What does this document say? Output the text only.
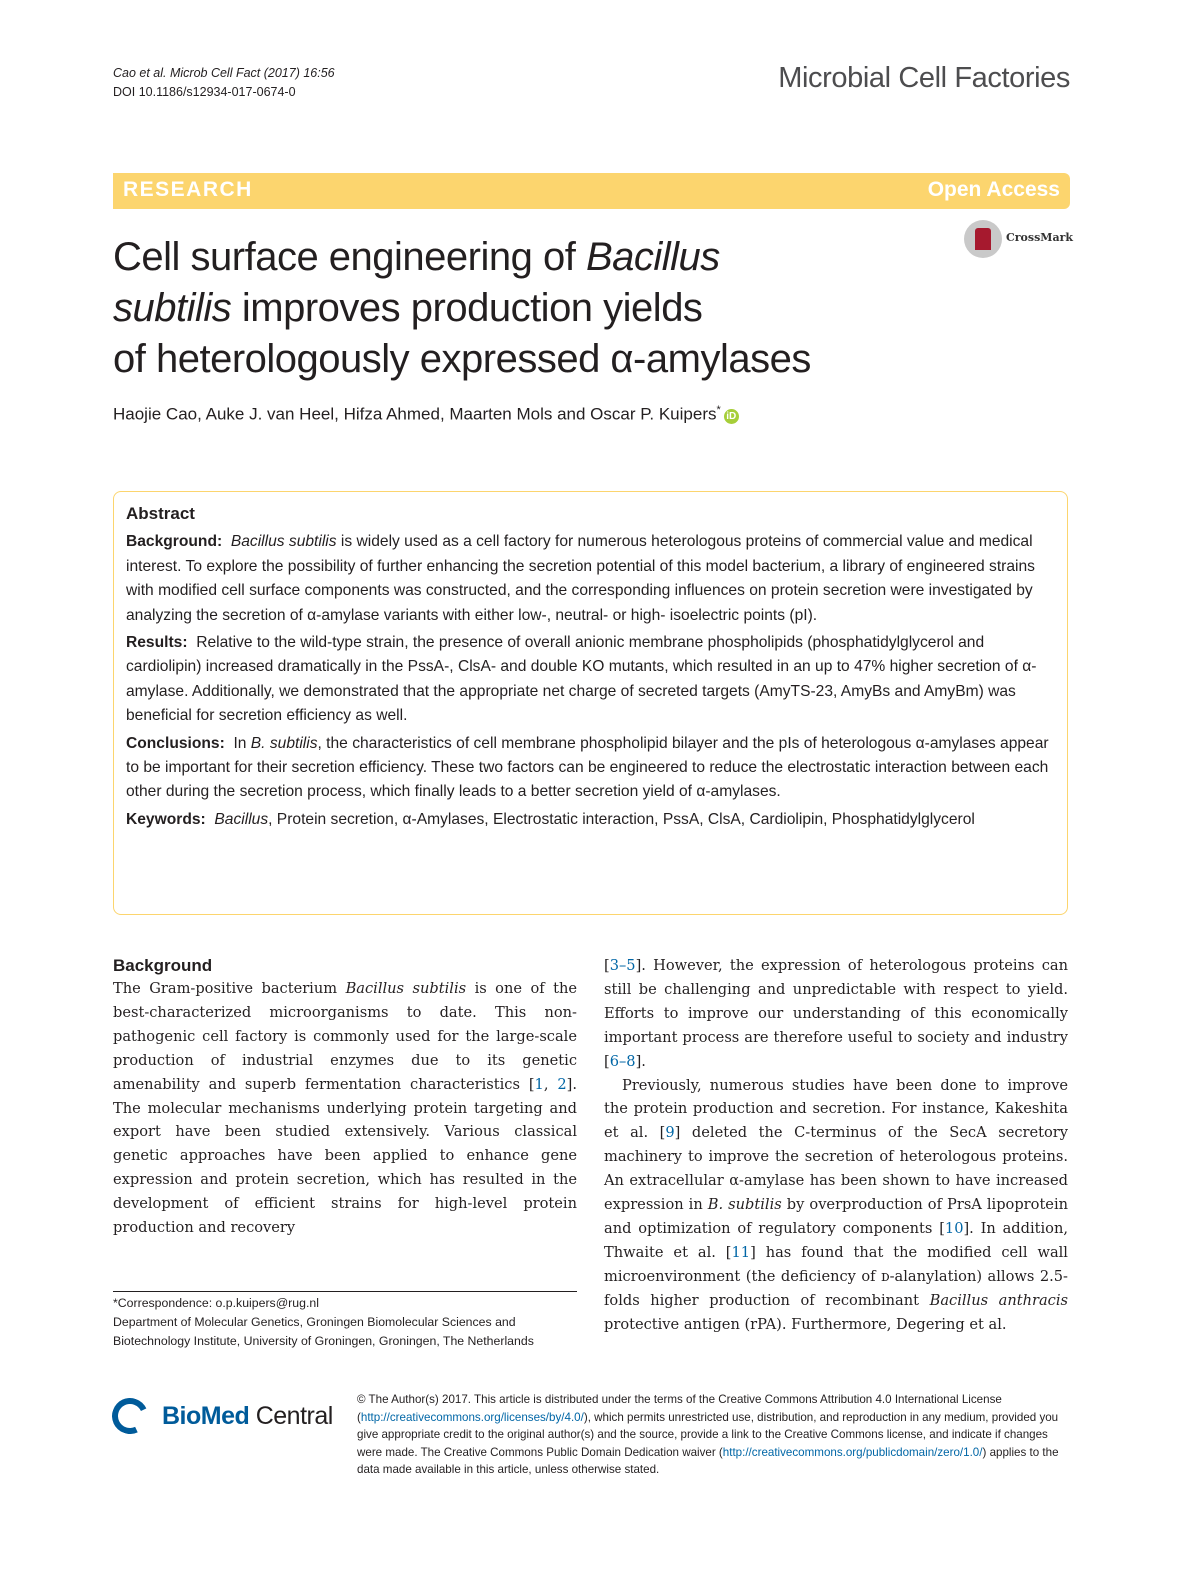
Cao et al. Microb Cell Fact (2017) 16:56
DOI 10.1186/s12934-017-0674-0	Microbial Cell Factories
RESEARCH	Open Access
CrossMark
Cell surface engineering of Bacillus
subtilis improves production yields
of heterologously expressed α-amylases
Haojie Cao, Auke J. van Heel, Hifza Ahmed, Maarten Mols and Oscar P. Kuipers*iD
Abstract

Background: Bacillus subtilis is widely used as a cell factory for numerous heterologous proteins of commercial value and medical interest. To explore the possibility of further enhancing the secretion potential of this model bacterium, a library of engineered strains with modified cell surface components was constructed, and the corresponding influences on protein secretion were investigated by analyzing the secretion of α-amylase variants with either low-, neutral- or high- isoelectric points (pI).

Results: Relative to the wild-type strain, the presence of overall anionic membrane phospholipids (phosphatidylglycerol and cardiolipin) increased dramatically in the PssA-, ClsA- and double KO mutants, which resulted in an up to 47% higher secretion of α-amylase. Additionally, we demonstrated that the appropriate net charge of secreted targets (AmyTS-23, AmyBs and AmyBm) was beneficial for secretion efficiency as well.

Conclusions: In B. subtilis, the characteristics of cell membrane phospholipid bilayer and the pIs of heterologous α-amylases appear to be important for their secretion efficiency. These two factors can be engineered to reduce the electrostatic interaction between each other during the secretion process, which finally leads to a better secretion yield of α-amylases.

Keywords: Bacillus, Protein secretion, α-Amylases, Electrostatic interaction, PssA, ClsA, Cardiolipin, Phosphatidylglycerol

Background

The Gram-positive bacterium Bacillus subtilis is one of the best-characterized microorganisms to date. This non-pathogenic cell factory is commonly used for the large-scale production of industrial enzymes due to its genetic amenability and superb fermentation characteristics [1, 2]. The molecular mechanisms underlying protein targeting and export have been studied extensively. Various classical genetic approaches have been applied to enhance gene expression and protein secretion, which has resulted in the development of efficient strains for high-level protein production and recovery

[3–5]. However, the expression of heterologous proteins can still be challenging and unpredictable with respect to yield. Efforts to improve our understanding of this economically important process are therefore useful to society and industry [6–8].

Previously, numerous studies have been done to improve the protein production and secretion. For instance, Kakeshita et al. [9] deleted the C-terminus of the SecA secretory machinery to improve the secretion of heterologous proteins. An extracellular α-amylase has been shown to have increased expression in B. subtilis by overproduction of PrsA lipoprotein and optimization of regulatory components [10]. In addition, Thwaite et al. [11] has found that the modified cell wall microenvironment (the deficiency of ᴅ-alanylation) allows 2.5-folds higher production of recombinant Bacillus anthracis protective antigen (rPA). Furthermore, Degering et al.

*Correspondence: o.p.kuipers@rug.nl
Department of Molecular Genetics, Groningen Biomolecular Sciences and Biotechnology Institute, University of Groningen, Groningen, The Netherlands
BioMed Central
© The Author(s) 2017. This article is distributed under the terms of the Creative Commons Attribution 4.0 International License (http://creativecommons.org/licenses/by/4.0/), which permits unrestricted use, distribution, and reproduction in any medium, provided you give appropriate credit to the original author(s) and the source, provide a link to the Creative Commons license, and indicate if changes were made. The Creative Commons Public Domain Dedication waiver (http://creativecommons.org/publicdomain/zero/1.0/) applies to the data made available in this article, unless otherwise stated.
